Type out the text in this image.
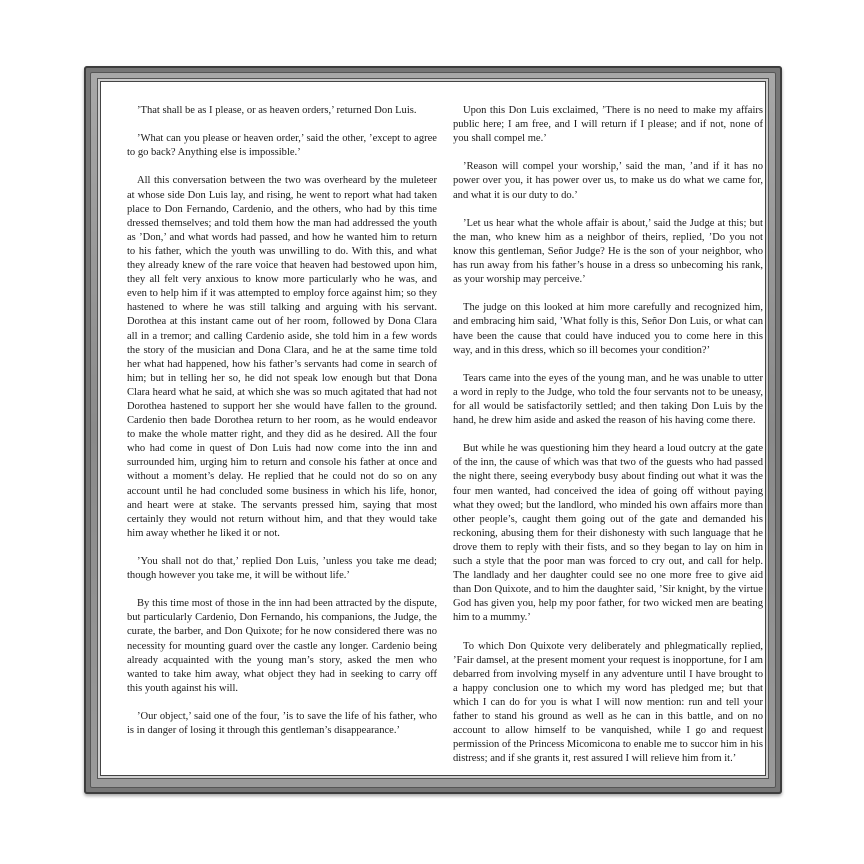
’That shall be as I please, or as heaven orders,’ returned Don Luis.

’What can you please or heaven order,’ said the other, ’except to agree to go back? Anything else is impossible.’

All this conversation between the two was overheard by the muleteer at whose side Don Luis lay, and rising, he went to report what had taken place to Don Fernando, Cardenio, and the others, who had by this time dressed themselves; and told them how the man had addressed the youth as ’Don,’ and what words had passed, and how he wanted him to return to his father, which the youth was unwilling to do. With this, and what they already knew of the rare voice that heaven had bestowed upon him, they all felt very anxious to know more particularly who he was, and even to help him if it was attempted to employ force against him; so they hastened to where he was still talking and arguing with his servant. Dorothea at this instant came out of her room, followed by Dona Clara all in a tremor; and calling Cardenio aside, she told him in a few words the story of the musician and Dona Clara, and he at the same time told her what had happened, how his father’s servants had come in search of him; but in telling her so, he did not speak low enough but that Dona Clara heard what he said, at which she was so much agitated that had not Dorothea hastened to support her she would have fallen to the ground. Cardenio then bade Dorothea return to her room, as he would endeavor to make the whole matter right, and they did as he desired. All the four who had come in quest of Don Luis had now come into the inn and surrounded him, urging him to return and console his father at once and without a moment’s delay. He replied that he could not do so on any account until he had concluded some business in which his life, honor, and heart were at stake. The servants pressed him, saying that most certainly they would not return without him, and that they would take him away whether he liked it or not.

’You shall not do that,’ replied Don Luis, ’unless you take me dead; though however you take me, it will be without life.’

By this time most of those in the inn had been attracted by the dispute, but particularly Cardenio, Don Fernando, his companions, the Judge, the curate, the barber, and Don Quixote; for he now considered there was no necessity for mounting guard over the castle any longer. Cardenio being already acquainted with the young man’s story, asked the men who wanted to take him away, what object they had in seeking to carry off this youth against his will.

’Our object,’ said one of the four, ’is to save the life of his father, who is in danger of losing it through this gentleman’s disappearance.’

Upon this Don Luis exclaimed, ’There is no need to make my affairs public here; I am free, and I will return if I please; and if not, none of you shall compel me.’

’Reason will compel your worship,’ said the man, ’and if it has no power over you, it has power over us, to make us do what we came for, and what it is our duty to do.’

’Let us hear what the whole affair is about,’ said the Judge at this; but the man, who knew him as a neighbor of theirs, replied, ’Do you not know this gentleman, Señor Judge? He is the son of your neighbor, who has run away from his father’s house in a dress so unbecoming his rank, as your worship may perceive.’

The judge on this looked at him more carefully and recognized him, and embracing him said, ’What folly is this, Señor Don Luis, or what can have been the cause that could have induced you to come here in this way, and in this dress, which so ill becomes your condition?’

Tears came into the eyes of the young man, and he was unable to utter a word in reply to the Judge, who told the four servants not to be uneasy, for all would be satisfactorily settled; and then taking Don Luis by the hand, he drew him aside and asked the reason of his having come there.

But while he was questioning him they heard a loud outcry at the gate of the inn, the cause of which was that two of the guests who had passed the night there, seeing everybody busy about finding out what it was the four men wanted, had conceived the idea of going off without paying what they owed; but the landlord, who minded his own affairs more than other people’s, caught them going out of the gate and demanded his reckoning, abusing them for their dishonesty with such language that he drove them to reply with their fists, and so they began to lay on him in such a style that the poor man was forced to cry out, and call for help. The landlady and her daughter could see no one more free to give aid than Don Quixote, and to him the daughter said, ’Sir knight, by the virtue God has given you, help my poor father, for two wicked men are beating him to a mummy.’

To which Don Quixote very deliberately and phlegmatically replied, ’Fair damsel, at the present moment your request is inopportune, for I am debarred from involving myself in any adventure until I have brought to a happy conclusion one to which my word has pledged me; but that which I can do for you is what I will now mention: run and tell your father to stand his ground as well as he can in this battle, and on no account to allow himself to be vanquished, while I go and request permission of the Princess Micomicona to enable me to succor him in his distress; and if she grants it, rest assured I will relieve him from it.’
